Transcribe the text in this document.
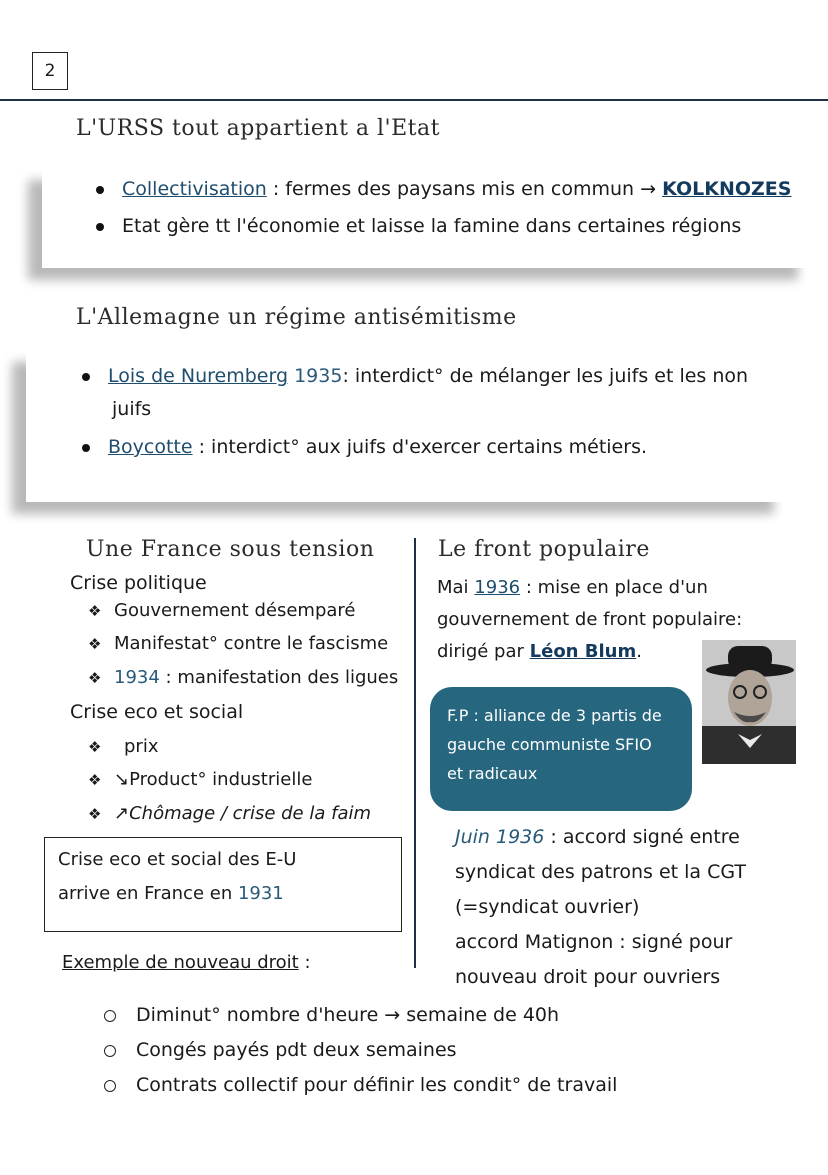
2
L'URSS tout appartient a l'Etat
Collectivisation : fermes des paysans mis en commun → KOLKNOZES
Etat gère tt l'économie et laisse la famine dans certaines régions
L'Allemagne un régime antisémitisme
Lois de Nuremberg 1935: interdict° de mélanger les juifs et les non
juifs
Boycotte : interdict° aux juifs d'exercer certains métiers.
Une France sous tension
Crise politique
❖ Gouvernement désemparé
❖ Manifestat° contre le fascisme
❖ 1934 : manifestation des ligues
Crise eco et social
❖ prix
❖ ↘Product° industrielle
❖ ↗Chômage / crise de la faim
Crise eco et social des E-U
arrive en France en 1931
Exemple de nouveau droit :
Le front populaire
Mai 1936 : mise en place d'un
gouvernement de front populaire:
dirigé par Léon Blum.
F.P : alliance de 3 partis de
gauche communiste SFIO
et radicaux
Juin 1936 : accord signé entre
syndicat des patrons et la CGT
(=syndicat ouvrier)
accord Matignon : signé pour
nouveau droit pour ouvriers
Diminut° nombre d'heure → semaine de 40h
Congés payés pdt deux semaines
Contrats collectif pour définir les condit° de travail
